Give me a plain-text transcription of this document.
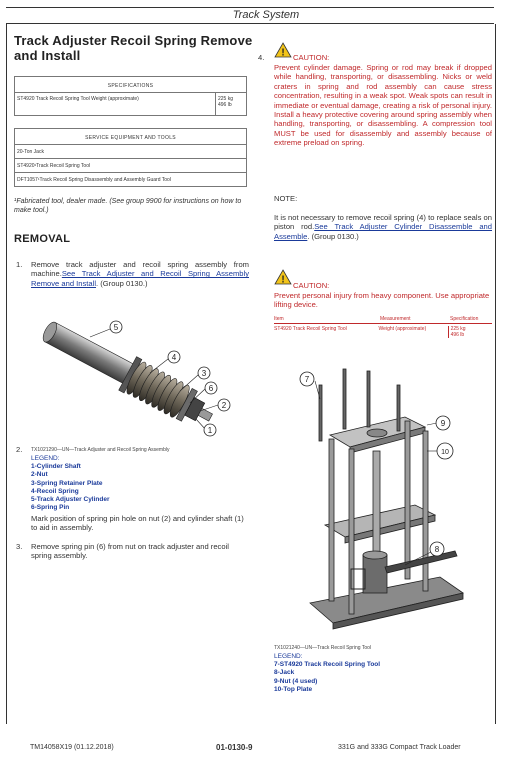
Track System
Track Adjuster Recoil Spring Remove and Install
SPECIFICATIONS
ST4920 Track Recoil Spring Tool Weight (approximate)	225 kg
496 lb
SERVICE EQUIPMENT AND TOOLS
20-Ton Jack
ST4920¹Track Recoil Spring Tool
DFT1057¹Track Recoil Spring Disassembly and Assembly Guard Tool
¹Fabricated tool, dealer made. (See group 9900 for instructions on how to make tool.)
REMOVAL
1.	Remove track adjuster and recoil spring assembly from machine.See Track Adjuster and Recoil Spring Assembly Remove and Install. (Group 0130.)
5
4
3
6
2
1
2. TX1021290—UN—Track Adjuster and Recoil Spring Assembly
LEGEND:
1-Cylinder Shaft
2-Nut
3-Spring Retainer Plate
4-Recoil Spring
5-Track Adjuster Cylinder
6-Spring Pin
Mark position of spring pin hole on nut (2) and cylinder shaft (1) to aid in assembly.
3. Remove spring pin (6) from nut on track adjuster and recoil spring assembly.
4. ! CAUTION:
Prevent cylinder damage. Spring or rod may break if dropped while handling, transporting, or disassembling. Nicks or weld craters in spring and rod assembly can cause stress concentration, resulting in a weak spot. Weak spots can result in immediate or eventual damage, creating a risk of personal injury. Install a heavy protective covering around spring assembly when handling, transporting, or disassembling. A compression tool MUST be used for disassembly and assembly because of extreme preload on spring.
NOTE:
It is not necessary to remove recoil spring (4) to replace seals on piston rod.See Track Adjuster Cylinder Disassemble and Assemble. (Group 0130.)
! CAUTION:
Prevent personal injury from heavy component. Use appropriate lifting device.
Item	Measurement	Specification
ST4920 Track Recoil Spring Tool	Weight (approximate)	225 kg
496 lb
7
9
10
8
TX1021240—UN—Track Recoil Spring Tool
LEGEND:
7-ST4920 Track Recoil Spring Tool
8-Jack
9-Nut (4 used)
10-Top Plate
TM14058X19 (01.12.2018)	01-0130-9	331G and 333G Compact Track Loader
